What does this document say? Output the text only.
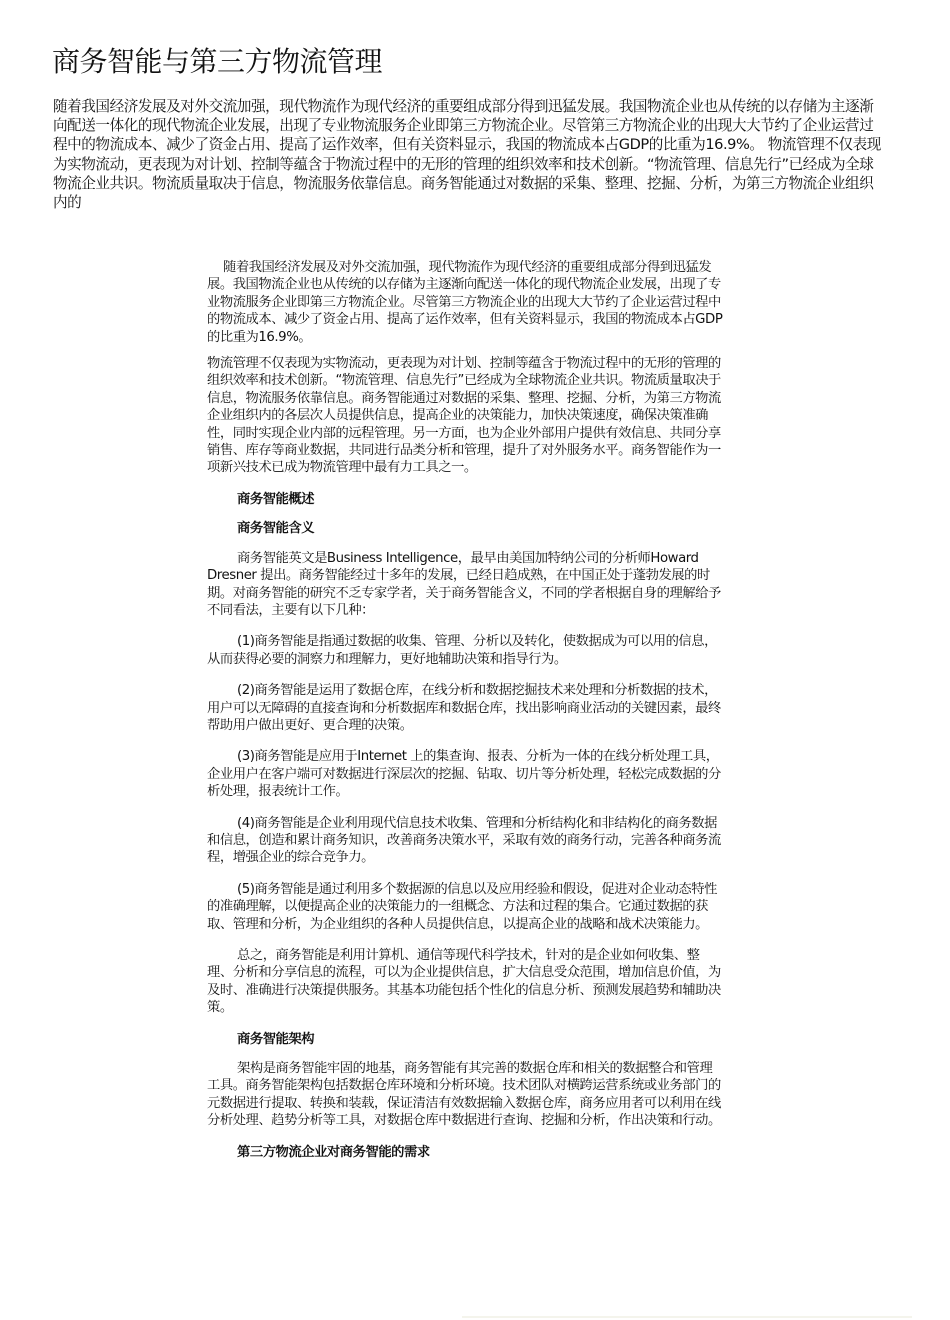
商务智能与第三方物流管理

随着我国经济发展及对外交流加强，现代物流作为现代经济的重要组成部分得到迅猛发展。我国物流企业也从传统的以存储为主逐渐向配送一体化的现代物流企业发展，出现了专业物流服务企业即第三方物流企业。尽管第三方物流企业的出现大大节约了企业运营过程中的物流成本、减少了资金占用、提高了运作效率，但有关资料显示，我国的物流成本占GDP的比重为16.9%。 物流管理不仅表现为实物流动，更表现为对计划、控制等蕴含于物流过程中的无形的管理的组织效率和技术创新。“物流管理、信息先行”已经成为全球物流企业共识。物流质量取决于信息，物流服务依靠信息。商务智能通过对数据的采集、整理、挖掘、分析，为第三方物流企业组织内的

随着我国经济发展及对外交流加强，现代物流作为现代经济的重要组成部分得到迅猛发展。我国物流企业也从传统的以存储为主逐渐向配送一体化的现代物流企业发展，出现了专业物流服务企业即第三方物流企业。尽管第三方物流企业的出现大大节约了企业运营过程中的物流成本、减少了资金占用、提高了运作效率，但有关资料显示，我国的物流成本占GDP的比重为16.9%。

物流管理不仅表现为实物流动，更表现为对计划、控制等蕴含于物流过程中的无形的管理的组织效率和技术创新。“物流管理、信息先行”已经成为全球物流企业共识。物流质量取决于信息，物流服务依靠信息。商务智能通过对数据的采集、整理、挖掘、分析，为第三方物流企业组织内的各层次人员提供信息，提高企业的决策能力，加快决策速度，确保决策准确性，同时实现企业内部的远程管理。另一方面，也为企业外部用户提供有效信息、共同分享销售、库存等商业数据，共同进行品类分析和管理，提升了对外服务水平。商务智能作为一项新兴技术已成为物流管理中最有力工具之一。

商务智能概述
商务智能含义

商务智能英文是Business Intelligence，最早由美国加特纳公司的分析师Howard Dresner 提出。商务智能经过十多年的发展，已经日趋成熟，在中国正处于蓬勃发展的时期。对商务智能的研究不乏专家学者，关于商务智能含义，不同的学者根据自身的理解给予不同看法，主要有以下几种：

(1)商务智能是指通过数据的收集、管理、分析以及转化，使数据成为可以用的信息，从而获得必要的洞察力和理解力，更好地辅助决策和指导行为。

(2)商务智能是运用了数据仓库，在线分析和数据挖掘技术来处理和分析数据的技术，用户可以无障碍的直接查询和分析数据库和数据仓库，找出影响商业活动的关键因素，最终帮助用户做出更好、更合理的决策。

(3)商务智能是应用于Internet 上的集查询、报表、分析为一体的在线分析处理工具，企业用户在客户端可对数据进行深层次的挖掘、钻取、切片等分析处理，轻松完成数据的分析处理，报表统计工作。

(4)商务智能是企业利用现代信息技术收集、管理和分析结构化和非结构化的商务数据和信息，创造和累计商务知识，改善商务决策水平，采取有效的商务行动，完善各种商务流程，增强企业的综合竞争力。

(5)商务智能是通过利用多个数据源的信息以及应用经验和假设，促进对企业动态特性的准确理解，以便提高企业的决策能力的一组概念、方法和过程的集合。它通过数据的获取、管理和分析，为企业组织的各种人员提供信息，以提高企业的战略和战术决策能力。

总之，商务智能是利用计算机、通信等现代科学技术，针对的是企业如何收集、整理、分析和分享信息的流程，可以为企业提供信息，扩大信息受众范围，增加信息价值，为及时、准确进行决策提供服务。其基本功能包括个性化的信息分析、预测发展趋势和辅助决策。

商务智能架构

架构是商务智能牢固的地基，商务智能有其完善的数据仓库和相关的数据整合和管理工具。商务智能架构包括数据仓库环境和分析环境。技术团队对横跨运营系统或业务部门的元数据进行提取、转换和装载，保证清洁有效数据输入数据仓库，商务应用者可以利用在线分析处理、趋势分析等工具，对数据仓库中数据进行查询、挖掘和分析，作出决策和行动。

第三方物流企业对商务智能的需求
